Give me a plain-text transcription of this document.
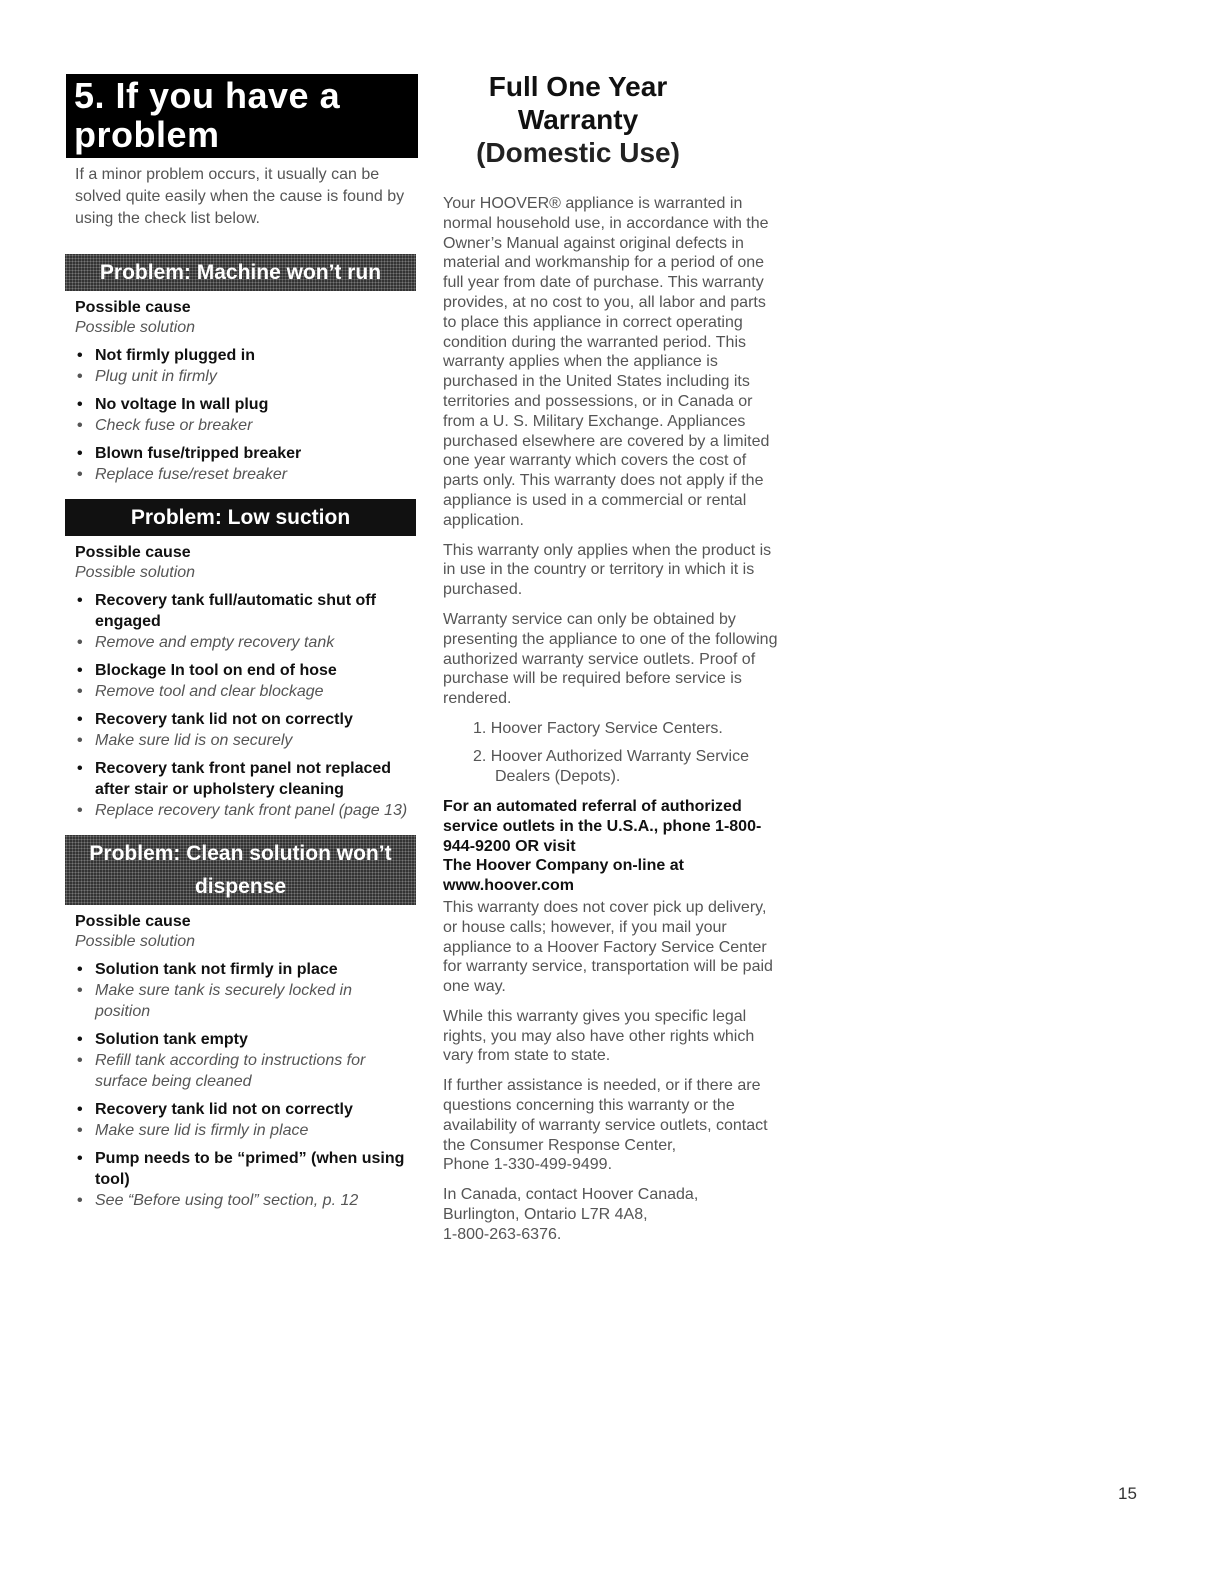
5. If you have a problem

If a minor problem occurs, it usually can be solved quite easily when the cause is found by using the check list below.

Problem: Machine won’t run
Possible cause
Possible solution
• Not firmly plugged in
• Plug unit in firmly
• No voltage In wall plug
• Check fuse or breaker
• Blown fuse/tripped breaker
• Replace fuse/reset breaker
Problem: Low suction
Possible cause
Possible solution
• Recovery tank full/automatic shut off engaged
• Remove and empty recovery tank
• Blockage In tool on end of hose
• Remove tool and clear blockage
• Recovery tank lid not on correctly
• Make sure lid is on securely
• Recovery tank front panel not replaced after stair or upholstery cleaning
• Replace recovery tank front panel (page 13)
Problem: Clean solution won’t dispense
Possible cause
Possible solution
• Solution tank not firmly in place
• Make sure tank is securely locked in position
• Solution tank empty
• Refill tank according to instructions for surface being cleaned
• Recovery tank lid not on correctly
• Make sure lid is firmly in place
• Pump needs to be “primed” (when using tool)
• See “Before using tool” section, p. 12
Full One Year
Warranty
(Domestic Use)

Your HOOVER® appliance is warranted in normal household use, in accordance with the Owner’s Manual against original defects in material and workmanship for a period of one full year from date of purchase. This warranty provides, at no cost to you, all labor and parts to place this appliance in correct operating condition during the warranted period. This warranty applies when the appliance is purchased in the United States including its territories and possessions, or in Canada or from a U. S. Military Exchange. Appliances purchased elsewhere are covered by a limited one year warranty which covers the cost of parts only. This warranty does not apply if the appliance is used in a commercial or rental application.

This warranty only applies when the product is in use in the country or territory in which it is purchased.

Warranty service can only be obtained by presenting the appliance to one of the following authorized warranty service outlets. Proof of purchase will be required before service is rendered.

1. Hoover Factory Service Centers.
2. Hoover Authorized Warranty Service Dealers (Depots).

For an automated referral of authorized service outlets in the U.S.A., phone 1-800-944-9200 OR visit
The Hoover Company on-line at www.hoover.com

This warranty does not cover pick up delivery, or house calls; however, if you mail your appliance to a Hoover Factory Service Center for warranty service, transportation will be paid one way.

While this warranty gives you specific legal rights, you may also have other rights which vary from state to state.

If further assistance is needed, or if there are questions concerning this warranty or the availability of warranty service outlets, contact the Consumer Response Center,
Phone 1-330-499-9499.

In Canada, contact Hoover Canada,
Burlington, Ontario L7R 4A8,
1-800-263-6376.

15
